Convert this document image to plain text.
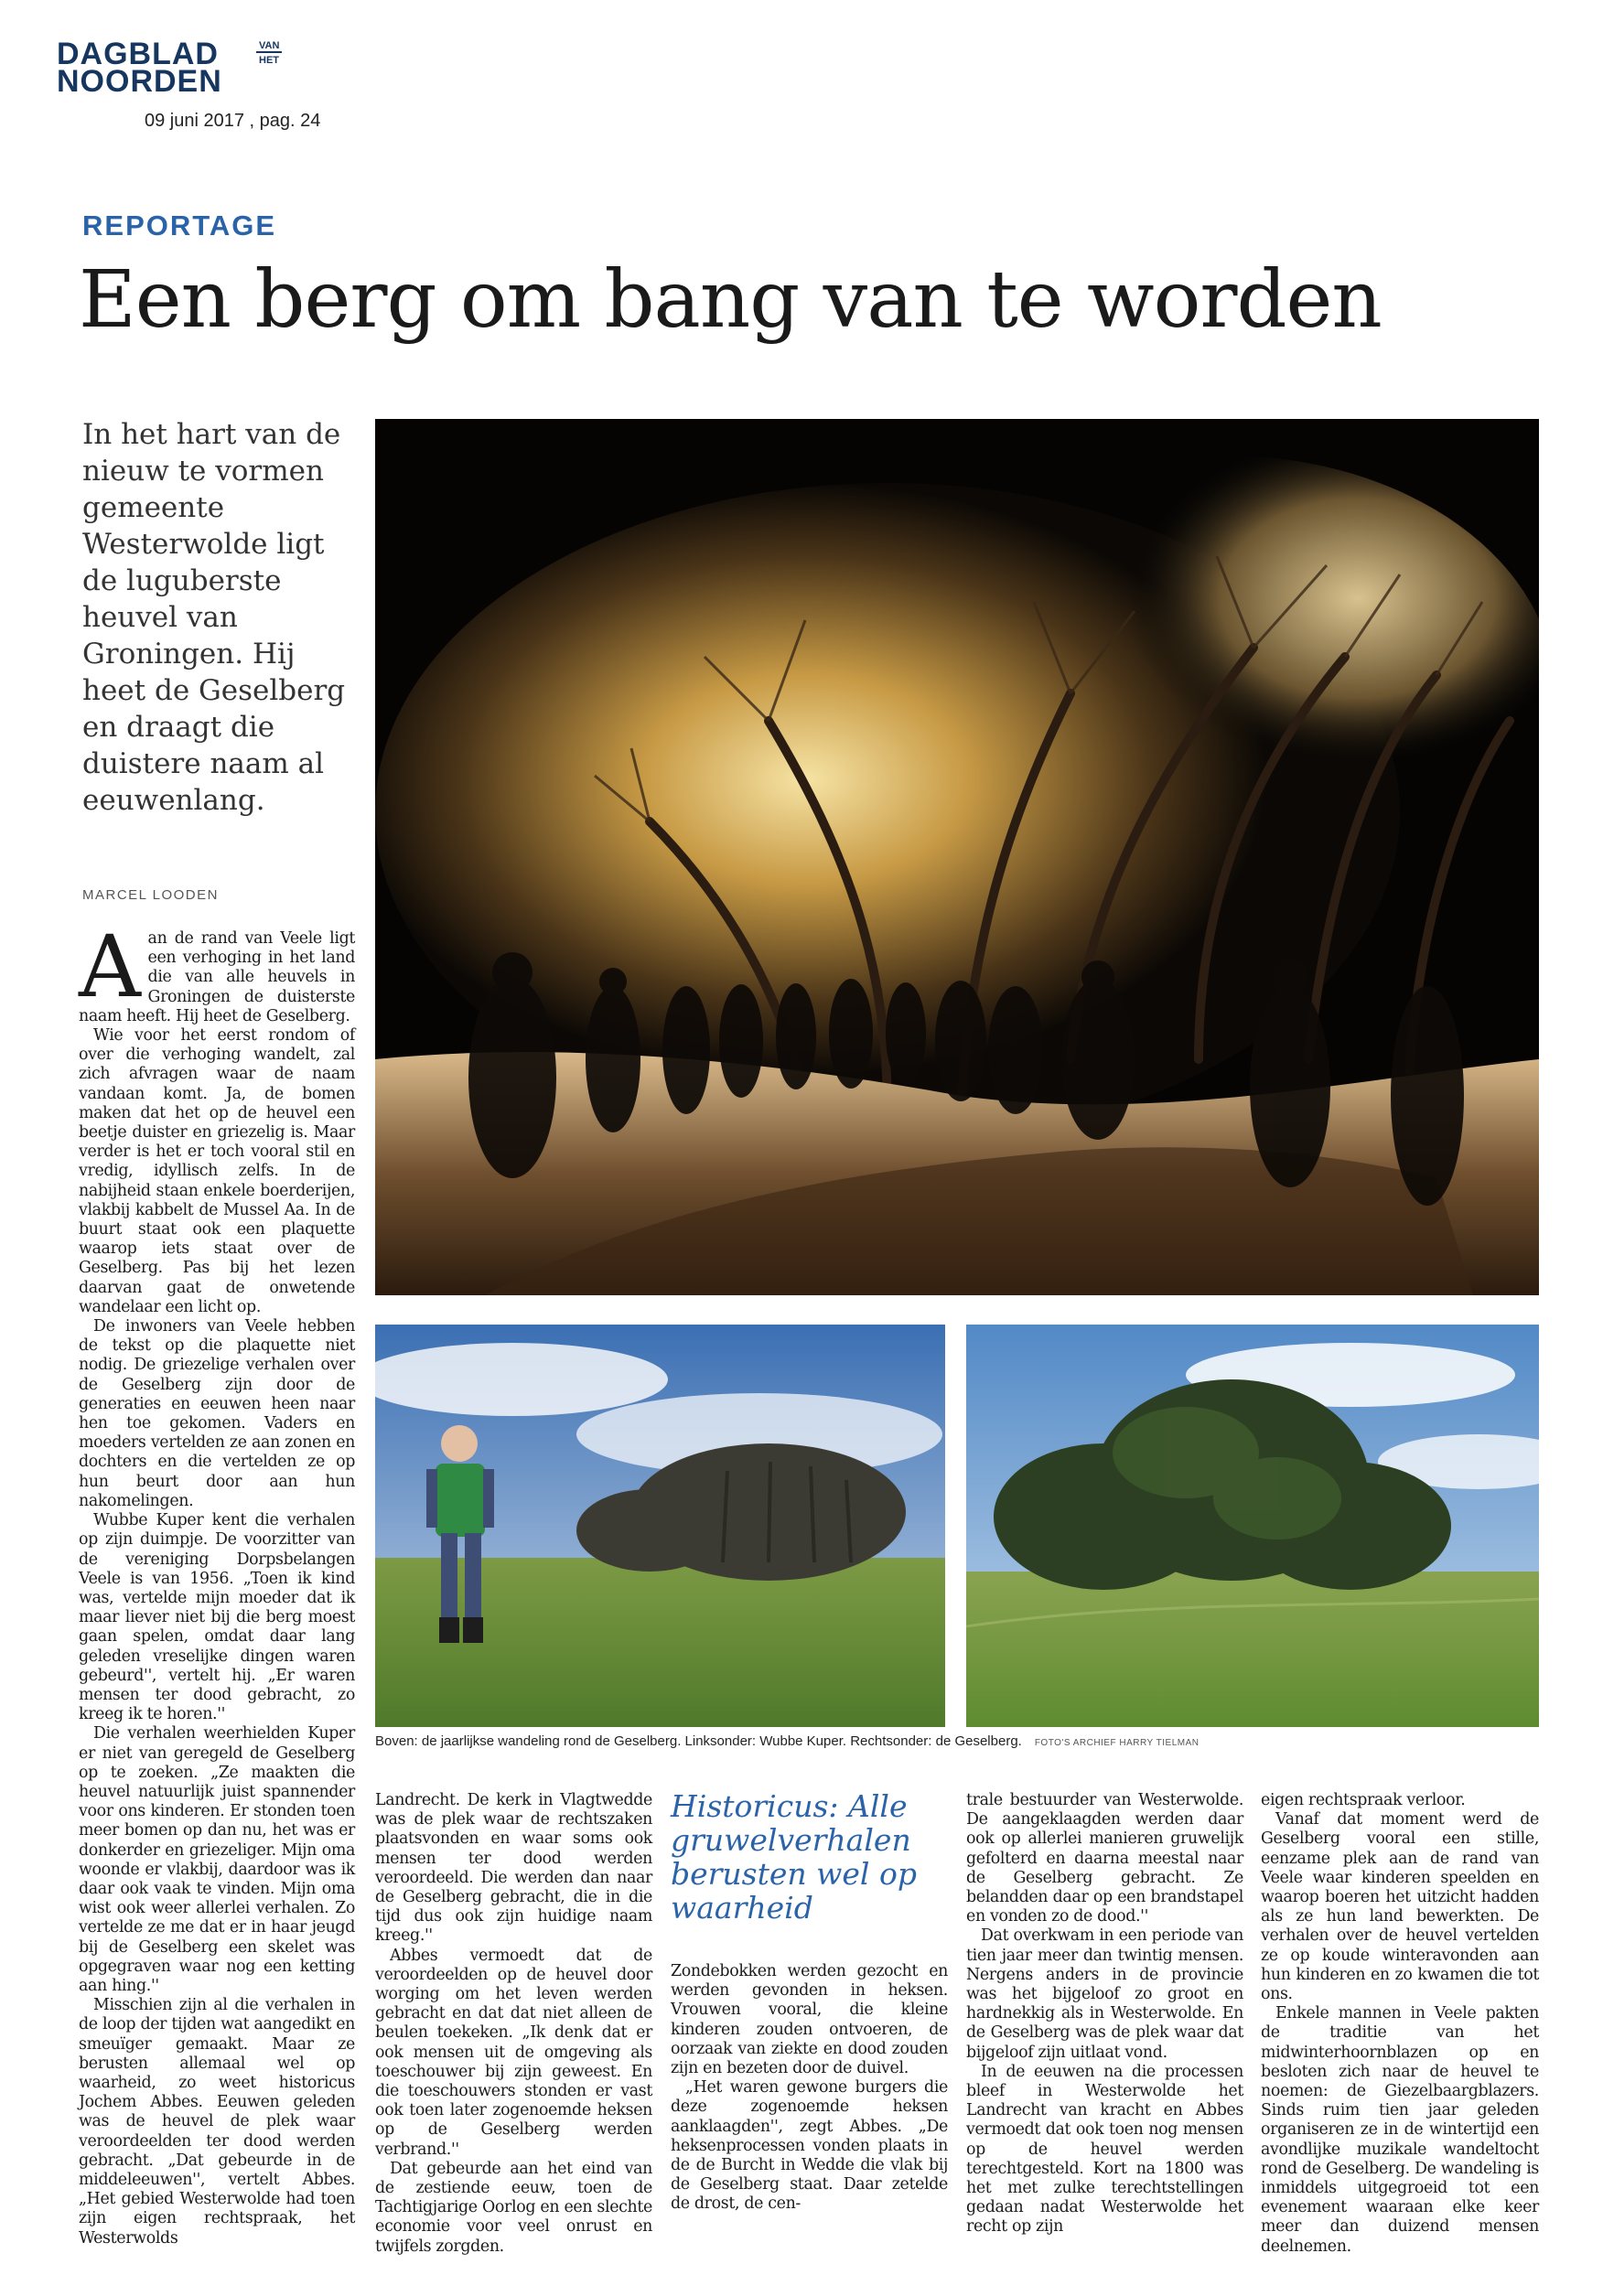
DAGBLAD
NOORDEN
VAN
HET
09 juni 2017 , pag. 24
REPORTAGE
Een berg om bang van te worden
In het hart van de nieuw te vormen gemeente Westerwolde ligt de luguberste heuvel van Groningen. Hij heet de Geselberg en draagt die duistere naam al eeuwenlang.
MARCEL LOODEN
Boven: de jaarlijkse wandeling rond de Geselberg. Linksonder: Wubbe Kuper. Rechtsonder: de Geselberg. FOTO'S ARCHIEF HARRY TIELMAN

Aan de rand van Veele ligt een verhoging in het land die van alle heuvels in Groningen de duisterste naam heeft. Hij heet de Geselberg.

Wie voor het eerst rondom of over die verhoging wandelt, zal zich afvragen waar de naam vandaan komt. Ja, de bomen maken dat het op de heuvel een beetje duister en griezelig is. Maar verder is het er toch vooral stil en vredig, idyllisch zelfs. In de nabijheid staan enkele boerderijen, vlakbij kabbelt de Mussel Aa. In de buurt staat ook een plaquette waarop iets staat over de Geselberg. Pas bij het lezen daarvan gaat de onwetende wandelaar een licht op.

De inwoners van Veele hebben de tekst op die plaquette niet nodig. De griezelige verhalen over de Geselberg zijn door de generaties en eeuwen heen naar hen toe gekomen. Vaders en moeders vertelden ze aan zonen en dochters en die vertelden ze op hun beurt door aan hun nakomelingen.

Wubbe Kuper kent die verhalen op zijn duimpje. De voorzitter van de vereniging Dorpsbelangen Veele is van 1956. „Toen ik kind was, vertelde mijn moeder dat ik maar liever niet bij die berg moest gaan spelen, omdat daar lang geleden vreselijke dingen waren gebeurd'', vertelt hij. „Er waren mensen ter dood gebracht, zo kreeg ik te horen.''

Die verhalen weerhielden Kuper er niet van geregeld de Geselberg op te zoeken. „Ze maakten die heuvel natuurlijk juist spannender voor ons kinderen. Er stonden toen meer bomen op dan nu, het was er donkerder en griezeliger. Mijn oma woonde er vlakbij, daardoor was ik daar ook vaak te vinden. Mijn oma wist ook weer allerlei verhalen. Zo vertelde ze me dat er in haar jeugd bij de Geselberg een skelet was opgegraven waar nog een ketting aan hing.''

Misschien zijn al die verhalen in de loop der tijden wat aangedikt en smeuïger gemaakt. Maar ze berusten allemaal wel op waarheid, zo weet historicus Jochem Abbes. Eeuwen geleden was de heuvel de plek waar veroordeelden ter dood werden gebracht. „Dat gebeurde in de middeleeuwen'', vertelt Abbes. „Het gebied Westerwolde had toen zijn eigen rechtspraak, het Westerwolds

Landrecht. De kerk in Vlagtwedde was de plek waar de rechtszaken plaatsvonden en waar soms ook mensen ter dood werden veroordeeld. Die werden dan naar de Geselberg gebracht, die in die tijd dus ook zijn huidige naam kreeg.''

Abbes vermoedt dat de veroordeelden op de heuvel door worging om het leven werden gebracht en dat dat niet alleen de beulen toekeken. „Ik denk dat er ook mensen uit de omgeving als toeschouwer bij zijn geweest. En die toeschouwers stonden er vast ook toen later zogenoemde heksen op de Geselberg werden verbrand.''

Dat gebeurde aan het eind van de zestiende eeuw, toen de Tachtigjarige Oorlog en een slechte economie voor veel onrust en twijfels zorgden.

Historicus: Alle gruwelverhalen berusten wel op waarheid

Zondebokken werden gezocht en werden gevonden in heksen. Vrouwen vooral, die kleine kinderen zouden ontvoeren, de oorzaak van ziekte en dood zouden zijn en bezeten door de duivel.

„Het waren gewone burgers die deze zogenoemde heksen aanklaagden'', zegt Abbes. „De heksenprocessen vonden plaats in de de Burcht in Wedde die vlak bij de Geselberg staat. Daar zetelde de drost, de cen-

trale bestuurder van Westerwolde. De aangeklaagden werden daar ook op allerlei manieren gruwelijk gefolterd en daarna meestal naar de Geselberg gebracht. Ze belandden daar op een brandstapel en vonden zo de dood.''

Dat overkwam in een periode van tien jaar meer dan twintig mensen. Nergens anders in de provincie was het bijgeloof zo groot en hardnekkig als in Westerwolde. En de Geselberg was de plek waar dat bijgeloof zijn uitlaat vond.

In de eeuwen na die processen bleef in Westerwolde het Landrecht van kracht en Abbes vermoedt dat ook toen nog mensen op de heuvel werden terechtgesteld. Kort na 1800 was het met zulke terechtstellingen gedaan nadat Westerwolde het recht op zijn

eigen rechtspraak verloor.

Vanaf dat moment werd de Geselberg vooral een stille, eenzame plek aan de rand van Veele waar kinderen speelden en waarop boeren het uitzicht hadden als ze hun land bewerkten. De verhalen over de heuvel vertelden ze op koude winteravonden aan hun kinderen en zo kwamen die tot ons.

Enkele mannen in Veele pakten de traditie van het midwinterhoornblazen op en besloten zich naar de heuvel te noemen: de Giezelbaargblazers. Sinds ruim tien jaar geleden organiseren ze in de wintertijd een avondlijke muzikale wandeltocht rond de Geselberg. De wandeling is inmiddels uitgegroeid tot een evenement waaraan elke keer meer dan duizend mensen deelnemen.
